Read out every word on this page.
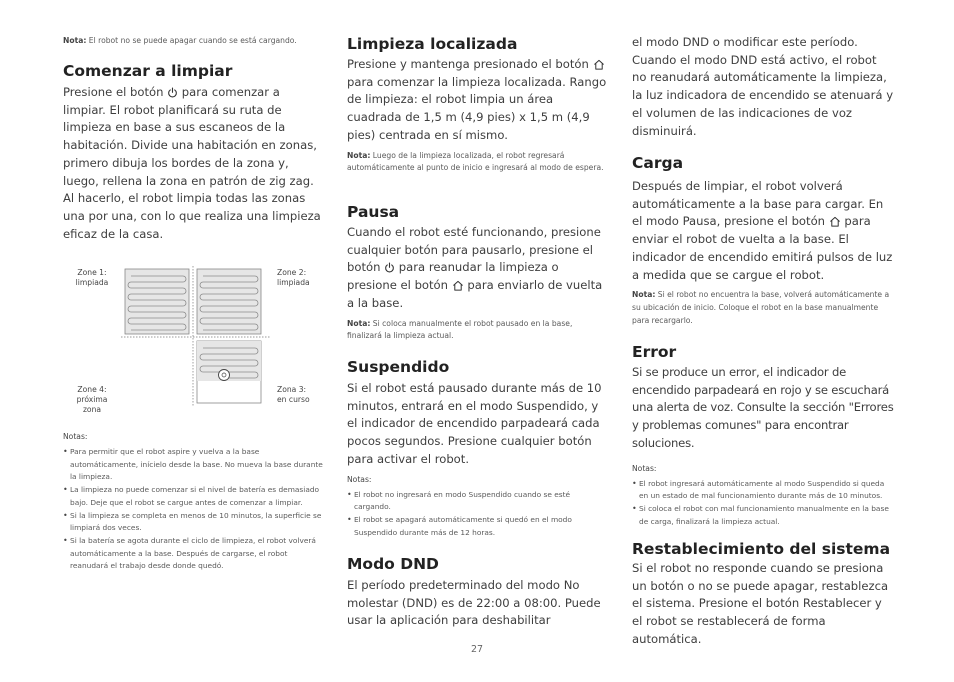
Nota: El robot no se puede apagar cuando se está cargando.
Comenzar a limpiar
Presione el botón
para comenzar a limpiar. El robot planificará su ruta de limpieza en base a sus escaneos de la habitación. Divide una habitación en zonas, primero dibuja los bordes de la zona y, luego, rellena la zona en patrón de zig zag. Al hacerlo, el robot limpia todas las zonas una por una, con lo que realiza una limpieza eficaz de la casa.
Zone 1:
limpiada
Zone 2:
limpiada
Zone 4:
próxima
zona
Zona 3:
en curso
Notas:
• Para permitir que el robot aspire y vuelva a la base automáticamente, inícielo desde la base. No mueva la base durante la limpieza.
• La limpieza no puede comenzar si el nivel de batería es demasiado bajo. Deje que el robot se cargue antes de comenzar a limpiar.
• Si la limpieza se completa en menos de 10 minutos, la superficie se limpiará dos veces.
• Si la batería se agota durante el ciclo de limpieza, el robot volverá automáticamente a la base. Después de cargarse, el robot reanudará el trabajo desde donde quedó.
Limpieza localizada
Presione y mantenga presionado el botón
para comenzar la limpieza localizada. Rango de limpieza: el robot limpia un área cuadrada de 1,5 m (4,9 pies) x 1,5 m (4,9 pies) centrada en sí mismo.
Nota: Luego de la limpieza localizada, el robot regresará automáticamente al punto de inicio e ingresará al modo de espera.
Pausa
Cuando el robot esté funcionando, presione cualquier botón para pausarlo, presione el botón
para reanudar la limpieza o presione el botón
para enviarlo de vuelta a la base.
Nota: Si coloca manualmente el robot pausado en la base, finalizará la limpieza actual.
Suspendido
Si el robot está pausado durante más de 10 minutos, entrará en el modo Suspendido, y el indicador de encendido parpadeará cada pocos segundos. Presione cualquier botón para activar el robot.
Notas:
• El robot no ingresará en modo Suspendido cuando se esté cargando.
• El robot se apagará automáticamente si quedó en el modo Suspendido durante más de 12 horas.
Modo DND
El período predeterminado del modo No molestar (DND) es de 22:00 a 08:00. Puede usar la aplicación para deshabilitar
el modo DND o modificar este período. Cuando el modo DND está activo, el robot no reanudará automáticamente la limpieza, la luz indicadora de encendido se atenuará y el volumen de las indicaciones de voz disminuirá.
Carga
Después de limpiar, el robot volverá automáticamente a la base para cargar. En el modo Pausa, presione el botón
para enviar el robot de vuelta a la base. El indicador de encendido emitirá pulsos de luz a medida que se cargue el robot.
Nota: Si el robot no encuentra la base, volverá automáticamente a su ubicación de inicio. Coloque el robot en la base manualmente para recargarlo.
Error
Si se produce un error, el indicador de encendido parpadeará en rojo y se escuchará una alerta de voz. Consulte la sección "Errores y problemas comunes" para encontrar soluciones.
Notas:
• El robot ingresará automáticamente al modo Suspendido si queda en un estado de mal funcionamiento durante más de 10 minutos.
• Si coloca el robot con mal funcionamiento manualmente en la base de carga, finalizará la limpieza actual.
Restablecimiento del sistema
Si el robot no responde cuando se presiona un botón o no se puede apagar, restablezca el sistema. Presione el botón Restablecer y el robot se restablecerá de forma automática.
27
